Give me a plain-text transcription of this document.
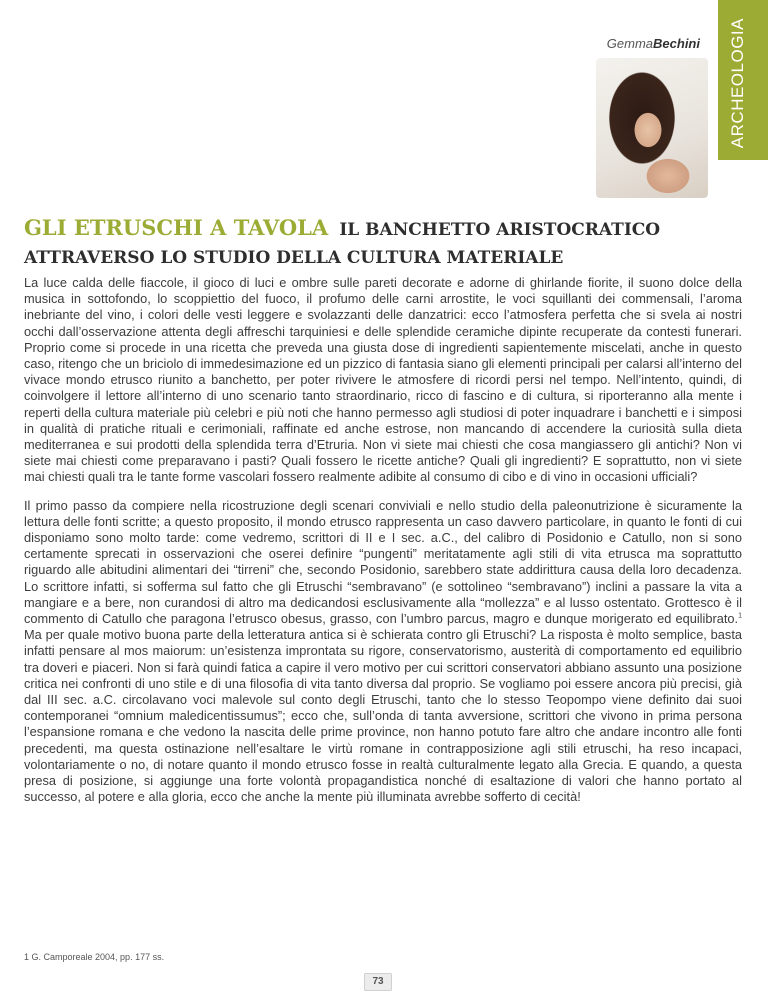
ARCHEOLOGIA
GemmaBechini
GLI ETRUSCHI A TAVOLA IL BANCHETTO ARISTOCRATICO ATTRAVERSO LO STUDIO DELLA CULTURA MATERIALE

La luce calda delle fiaccole, il gioco di luci e ombre sulle pareti decorate e adorne di ghirlande fiorite, il suono dolce della musica in sottofondo, lo scoppiettio del fuoco, il profumo delle carni arrostite, le voci squillanti dei commensali, l’aroma inebriante del vino, i colori delle vesti leggere e svolazzanti delle danzatrici: ecco l’atmosfera perfetta che si svela ai nostri occhi dall’osservazione attenta degli affreschi tarquiniesi e delle splendide ceramiche dipinte recuperate da contesti funerari. Proprio come si procede in una ricetta che preveda una giusta dose di ingredienti sapientemente miscelati, anche in questo caso, ritengo che un briciolo di immedesimazione ed un pizzico di fantasia siano gli elementi principali per calarsi all’interno del vivace mondo etrusco riunito a banchetto, per poter rivivere le atmosfere di ricordi persi nel tempo. Nell’intento, quindi, di coinvolgere il lettore all’interno di uno scenario tanto straordinario, ricco di fascino e di cultura, si riporteranno alla mente i reperti della cultura materiale più celebri e più noti che hanno permesso agli studiosi di poter inquadrare i banchetti e i simposi in qualità di pratiche rituali e cerimoniali, raffinate ed anche estrose, non mancando di accendere la curiosità sulla dieta mediterranea e sui prodotti della splendida terra d’Etruria. Non vi siete mai chiesti che cosa mangiassero gli antichi? Non vi siete mai chiesti come preparavano i pasti? Quali fossero le ricette antiche? Quali gli ingredienti? E soprattutto, non vi siete mai chiesti quali tra le tante forme vascolari fossero realmente adibite al consumo di cibo e di vino in occasioni ufficiali?

Il primo passo da compiere nella ricostruzione degli scenari conviviali e nello studio della paleonutrizione è sicuramente la lettura delle fonti scritte; a questo proposito, il mondo etrusco rappresenta un caso davvero particolare, in quanto le fonti di cui disponiamo sono molto tarde: come vedremo, scrittori di II e I sec. a.C., del calibro di Posidonio e Catullo, non si sono certamente sprecati in osservazioni che oserei definire “pungenti” meritatamente agli stili di vita etrusca ma soprattutto riguardo alle abitudini alimentari dei “tirreni” che, secondo Posidonio, sarebbero state addirittura causa della loro decadenza. Lo scrittore infatti, si sofferma sul fatto che gli Etruschi “sembravano” (e sottolineo “sembravano”) inclini a passare la vita a mangiare e a bere, non curandosi di altro ma dedicandosi esclusivamente alla “mollezza” e al lusso ostentato. Grottesco è il commento di Catullo che paragona l’etrusco obesus, grasso, con l’umbro parcus, magro e dunque morigerato ed equilibrato.$^1$ Ma per quale motivo buona parte della letteratura antica si è schierata contro gli Etruschi? La risposta è molto semplice, basta infatti pensare al mos maiorum: un’esistenza improntata su rigore, conservatorismo, austerità di comportamento ed equilibrio tra doveri e piaceri. Non si farà quindi fatica a capire il vero motivo per cui scrittori conservatori abbiano assunto una posizione critica nei confronti di uno stile e di una filosofia di vita tanto diversa dal proprio. Se vogliamo poi essere ancora più precisi, già dal III sec. a.C. circolavano voci malevole sul conto degli Etruschi, tanto che lo stesso Teopompo viene definito dai suoi contemporanei “omnium maledicentissumus”; ecco che, sull’onda di tanta avversione, scrittori che vivono in prima persona l’espansione romana e che vedono la nascita delle prime province, non hanno potuto fare altro che andare incontro alle fonti precedenti, ma questa ostinazione nell’esaltare le virtù romane in contrapposizione agli stili etruschi, ha reso incapaci, volontariamente o no, di notare quanto il mondo etrusco fosse in realtà culturalmente legato alla Grecia. E quando, a questa presa di posizione, si aggiunge una forte volontà propagandistica nonché di esaltazione di valori che hanno portato al successo, al potere e alla gloria, ecco che anche la mente più illuminata avrebbe sofferto di cecità!

1 G. Camporeale 2004, pp. 177 ss.
73
